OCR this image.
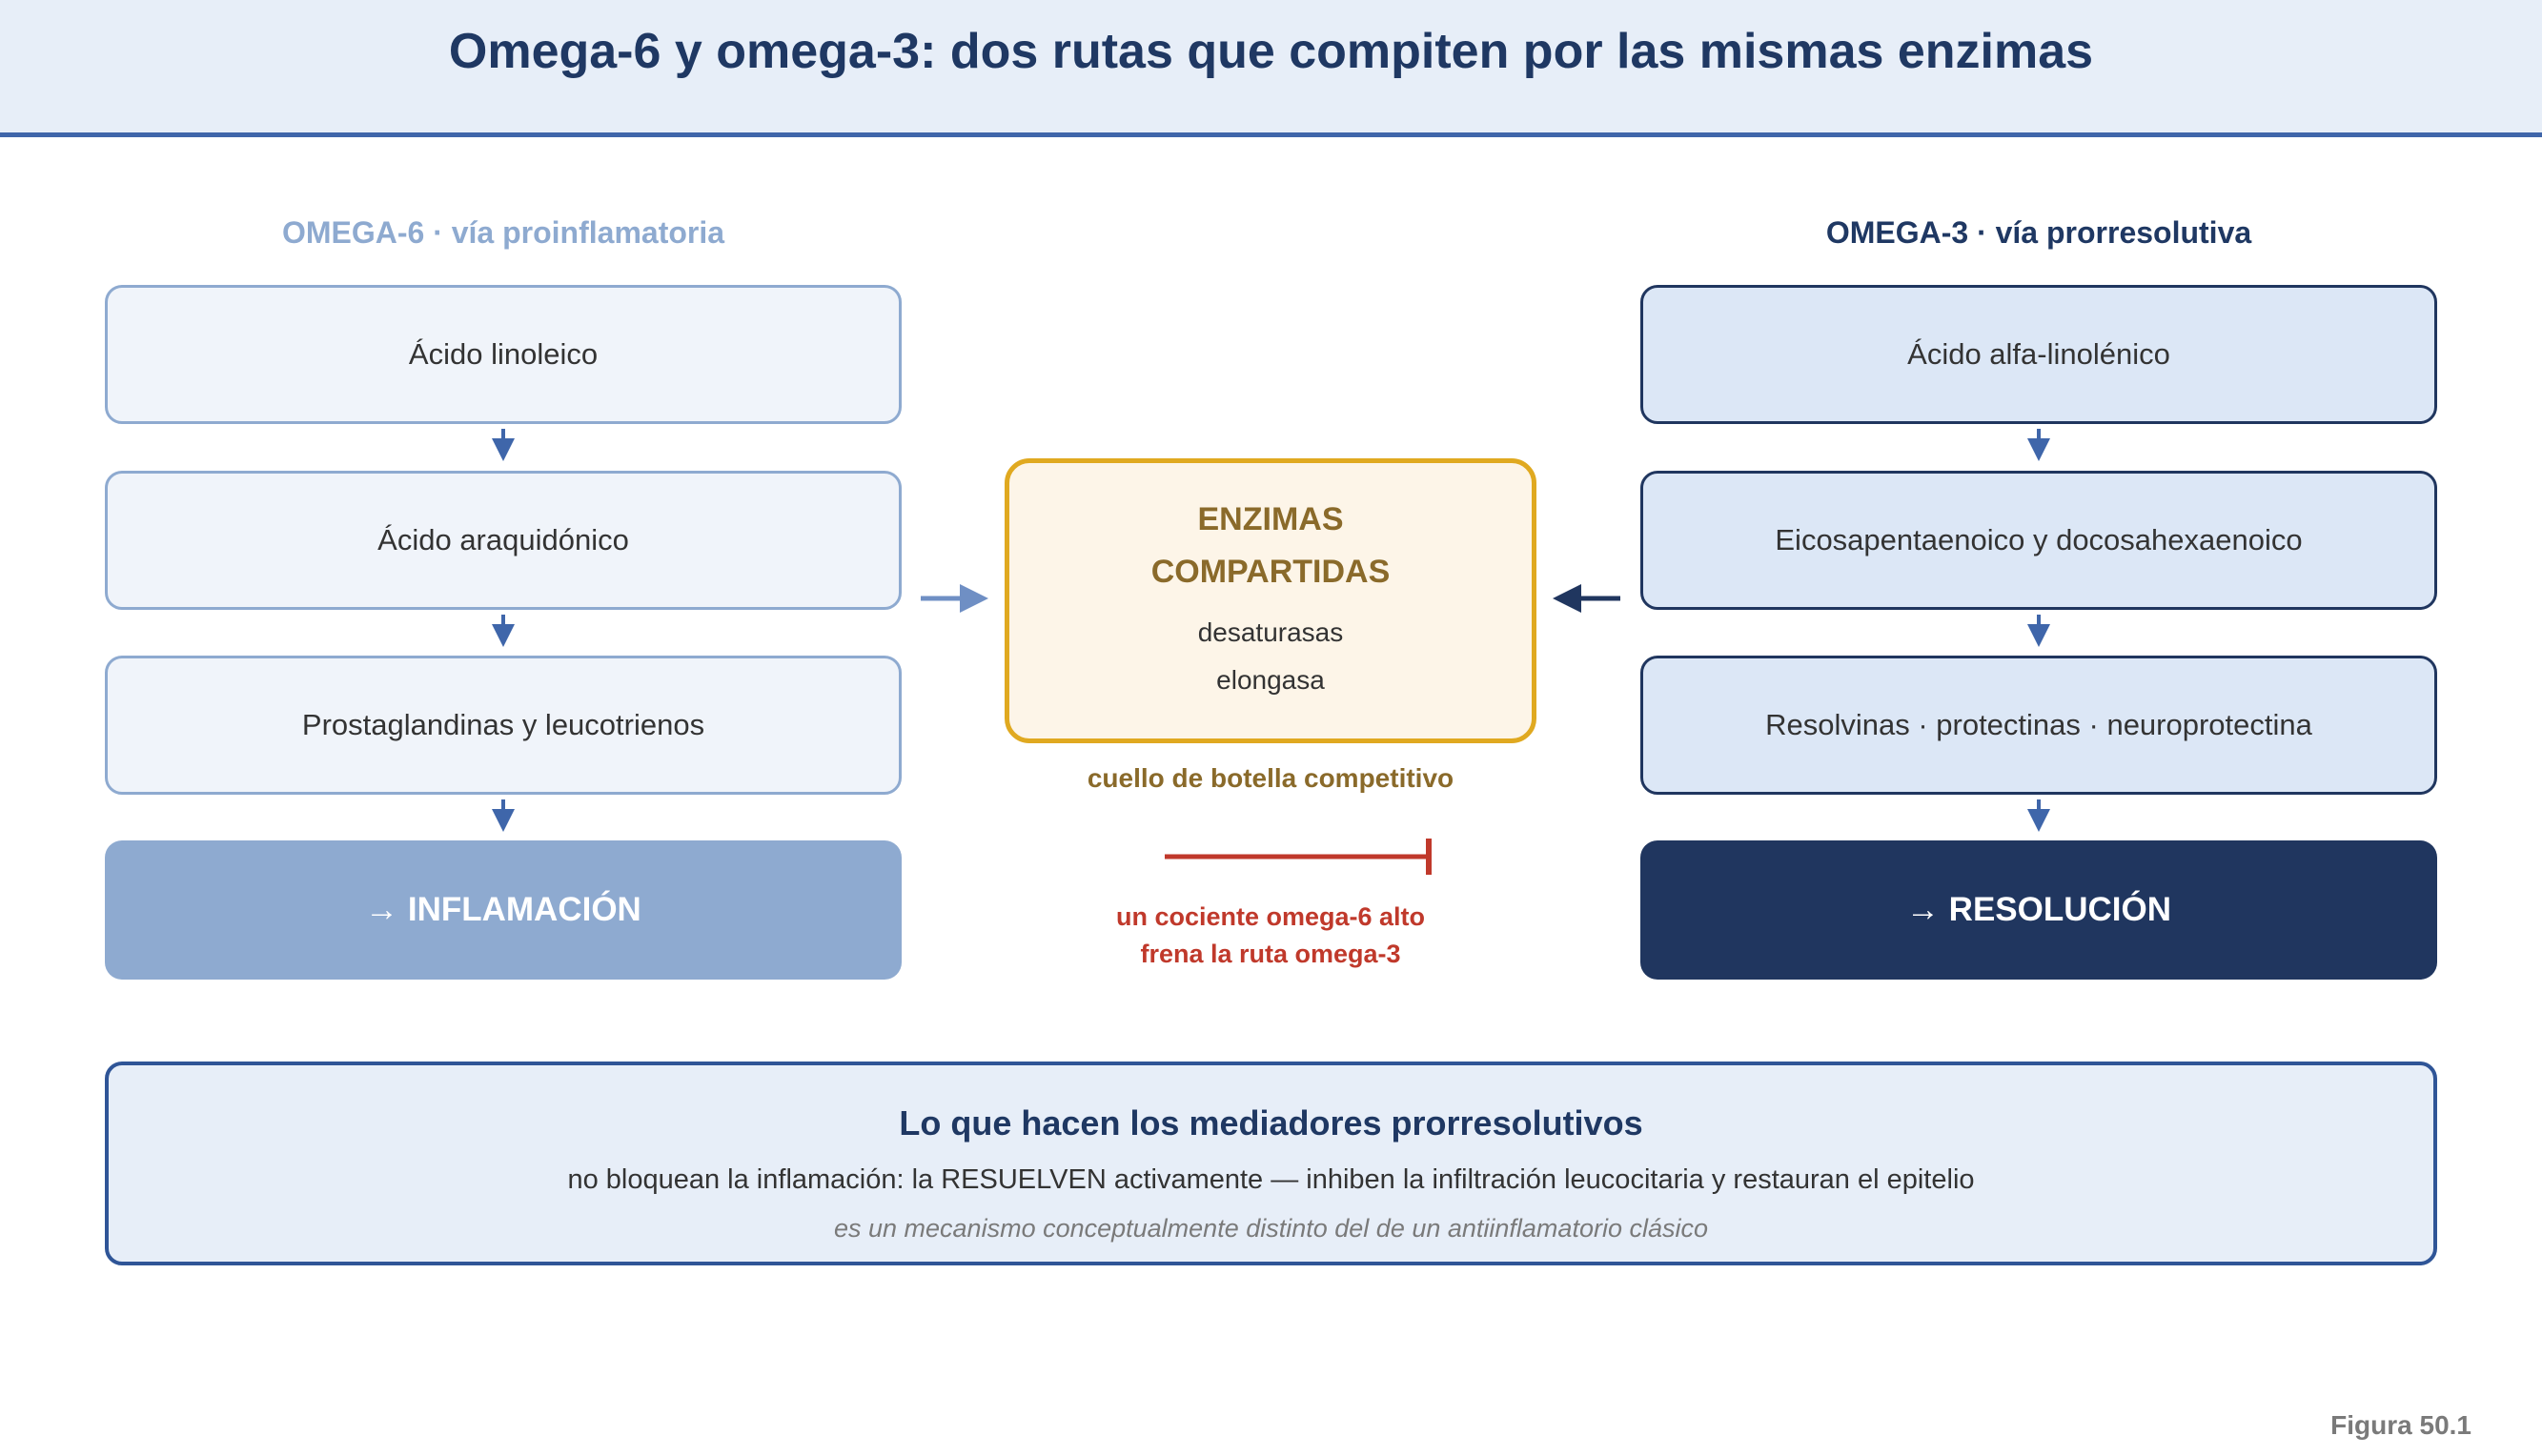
Omega-6 y omega-3: dos rutas que compiten por las mismas enzimas
OMEGA-6 · vía proinflamatoria	OMEGA-3 · vía prorresolutiva
Ácido linoleico
Ácido araquidónico
Prostaglandinas y leucotrienos
→ INFLAMACIÓN
Ácido alfa-linolénico
Eicosapentaenoico y docosahexaenoico
Resolvinas · protectinas · neuroprotectina
→ RESOLUCIÓN
ENZIMAS
COMPARTIDAS
desaturasas
elongasa
cuello de botella competitivo
un cociente omega-6 alto
frena la ruta omega-3
Lo que hacen los mediadores prorresolutivos
no bloquean la inflamación: la RESUELVEN activamente — inhiben la infiltración leucocitaria y restauran el epitelio
es un mecanismo conceptualmente distinto del de un antiinflamatorio clásico
Figura 50.1
